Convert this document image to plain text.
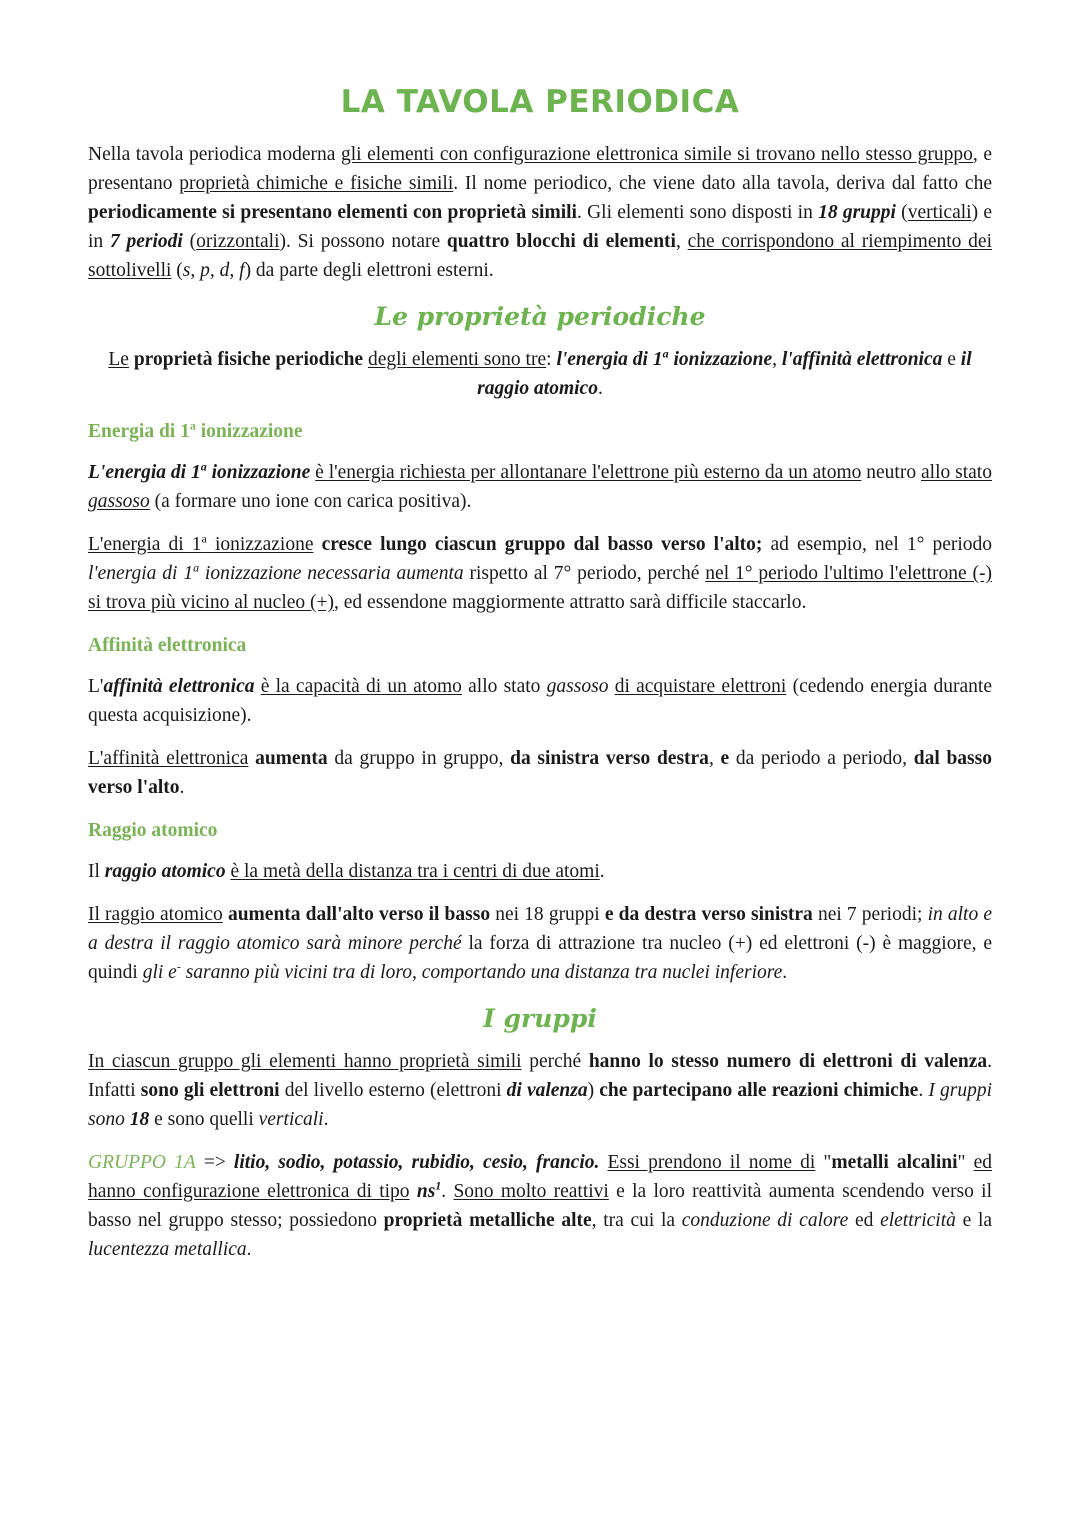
LA TAVOLA PERIODICA

Nella tavola periodica moderna gli elementi con configurazione elettronica simile si trovano nello stesso gruppo, e presentano proprietà chimiche e fisiche simili. Il nome periodico, che viene dato alla tavola, deriva dal fatto che periodicamente si presentano elementi con proprietà simili. Gli elementi sono disposti in 18 gruppi (verticali) e in 7 periodi (orizzontali). Si possono notare quattro blocchi di elementi, che corrispondono al riempimento dei sottolivelli (s, p, d, f) da parte degli elettroni esterni.

Le proprietà periodiche

Le proprietà fisiche periodiche degli elementi sono tre: l'energia di 1$^a$ ionizzazione, l'affinità elettronica e il raggio atomico.

Energia di 1$^a$ ionizzazione

L'energia di 1$^a$ ionizzazione è l'energia richiesta per allontanare l'elettrone più esterno da un atomo neutro allo stato gassoso (a formare uno ione con carica positiva).

L'energia di 1$^a$ ionizzazione cresce lungo ciascun gruppo dal basso verso l'alto; ad esempio, nel 1° periodo l'energia di 1$^a$ ionizzazione necessaria aumenta rispetto al 7° periodo, perché nel 1° periodo l'ultimo l'elettrone (-) si trova più vicino al nucleo (+), ed essendone maggiormente attratto sarà difficile staccarlo.

Affinità elettronica

L'affinità elettronica è la capacità di un atomo allo stato gassoso di acquistare elettroni (cedendo energia durante questa acquisizione).

L'affinità elettronica aumenta da gruppo in gruppo, da sinistra verso destra, e da periodo a periodo, dal basso verso l'alto.

Raggio atomico

Il raggio atomico è la metà della distanza tra i centri di due atomi.

Il raggio atomico aumenta dall'alto verso il basso nei 18 gruppi e da destra verso sinistra nei 7 periodi; in alto e a destra il raggio atomico sarà minore perché la forza di attrazione tra nucleo (+) ed elettroni (-) è maggiore, e quindi gli e- saranno più vicini tra di loro, comportando una distanza tra nuclei inferiore.

I gruppi

In ciascun gruppo gli elementi hanno proprietà simili perché hanno lo stesso numero di elettroni di valenza. Infatti sono gli elettroni del livello esterno (elettroni di valenza) che partecipano alle reazioni chimiche. I gruppi sono 18 e sono quelli verticali.

GRUPPO 1A => litio, sodio, potassio, rubidio, cesio, francio. Essi prendono il nome di "metalli alcalini" ed hanno configurazione elettronica di tipo $ns^1$. Sono molto reattivi e la loro reattività aumenta scendendo verso il basso nel gruppo stesso; possiedono proprietà metalliche alte, tra cui la conduzione di calore ed elettricità e la lucentezza metallica.
